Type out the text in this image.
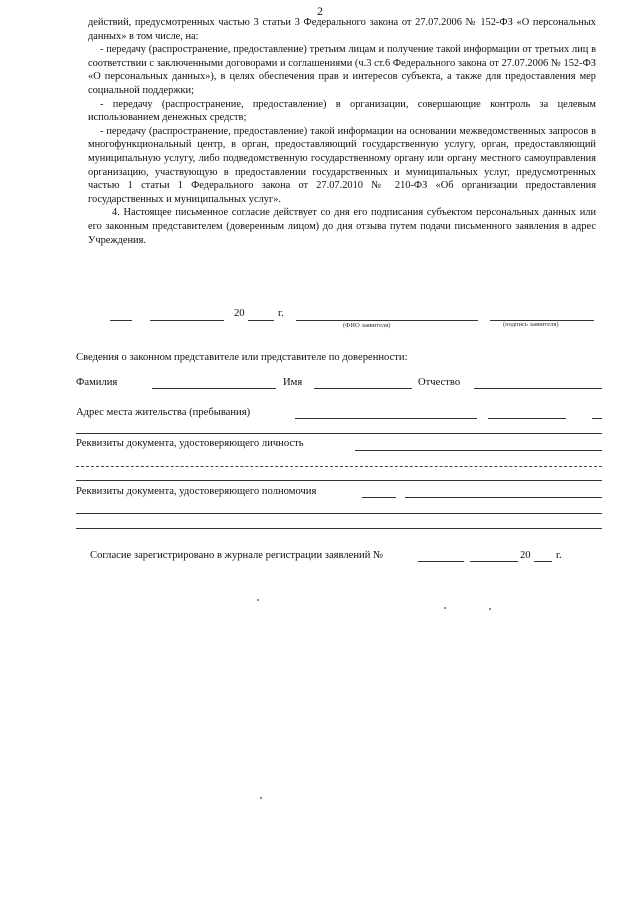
2

действий, предусмотренных частью 3 статьи 3 Федерального закона от 27.07.2006 № 152-ФЗ «О персональных данных» в том числе, на:

- передачу (распространение, предоставление) третьим лицам и получение такой информации от третьих лиц в соответствии с заключенными договорами и соглашениями (ч.3 ст.6 Федерального закона от 27.07.2006 № 152-ФЗ «О персональных данных»), в целях обеспечения прав и интересов субъекта, а также для предоставления мер социальной поддержки;

- передачу (распространение, предоставление) в организации, совершающие контроль за целевым использованием денежных средств;

- передачу (распространение, предоставление) такой информации на основании межведомственных запросов в многофункциональный центр, в орган, предоставляющий государственную услугу, орган, предоставляющий муниципальную услугу, либо подведомственную государственному органу или органу местного самоуправления организацию, участвующую в предоставлении государственных и муниципальных услуг, предусмотренных частью 1 статьи 1 Федерального закона от 27.07.2010 № 210-ФЗ «Об организации предоставления государственных и муниципальных услуг».

4. Настоящее письменное согласие действует со дня его подписания субъектом персональных данных или его законным представителем (доверенным лицом) до дня отзыва путем подачи письменного заявления в адрес Учреждения.

20	г.
(ФИО заявителя)	(подпись заявителя)
Сведения о законном представителе или представителе по доверенности:
Фамилия	Имя	Отчество
Адрес места жительства (пребывания)
Реквизиты документа, удостоверяющего личность
Реквизиты документа, удостоверяющего полномочия
Согласие зарегистрировано в журнале регистрации заявлений №	20 г.
